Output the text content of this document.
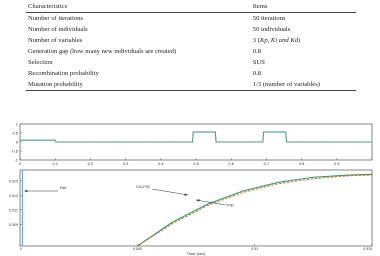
Characteristics	Items
Number of iterations	50 iterations
Number of individuals	50 individuals
Number of variables	3 (Kp, Ki and Kd)
Generation gap (how many new individuals are created)	0.8
Selection	SUS
Recombination probability	0.8
Mutation probability	1/3 (number of variables)
1
0.5
0
-0.5
-1
0	0.1	0.2	0.3	0.4	0.5	0.6	0.7	0.8	0.9
0.515
0.513
0.511
0.509
0	0.505	0.51	0.515
Time (sec)
Ref	GA-PID
PID
